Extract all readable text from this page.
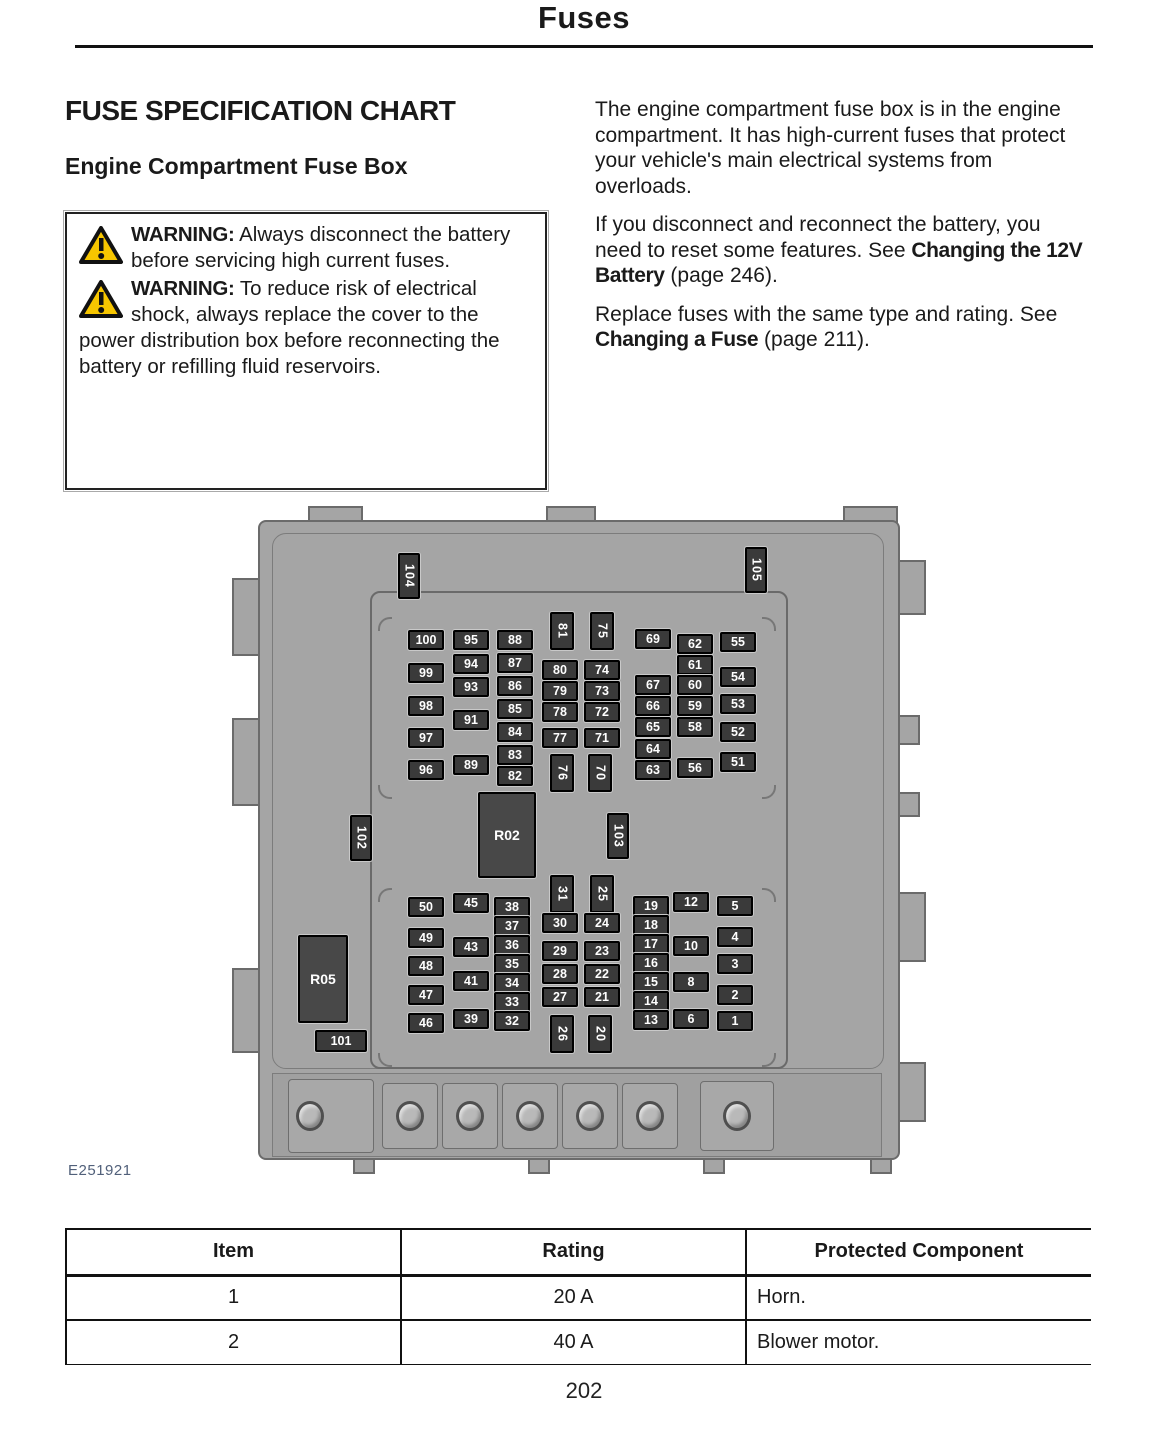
Fuses
FUSE SPECIFICATION CHART
Engine Compartment Fuse Box

WARNING: Always disconnect the battery before servicing high current fuses.

WARNING: To reduce risk of electrical shock, always replace the cover to the power distribution box before reconnecting the battery or refilling fluid reservoirs.

The engine compartment fuse box is in the engine compartment. It has high-current fuses that protect your vehicle's main electrical systems from overloads.

If you disconnect and reconnect the battery, you need to reset some features. See Changing the 12V Battery (page 246).

Replace fuses with the same type and rating. See Changing a Fuse (page 211).

104	105
100	95	88
99
94	87
98
93	86
97
85
96
91
84
83
89
82
81	75
80	74
79	73
78	72
77	71
76	70
69	62	55
61
67	60
54
66	59	53
65	58	52
64
63	56	51
102	R02	103
R05
101
50	45	38
49
37
43	36
48	35
41	34
47	33
46	39	32
31	25
30	24
29	23
28	22
27	21
26	20
19	12	5
18
17	10
4
16	3
15	8
14	2
13	6	1
E251921
Item	Rating	Protected Component
1	20 A	Horn.
2	40 A	Blower motor.
202
